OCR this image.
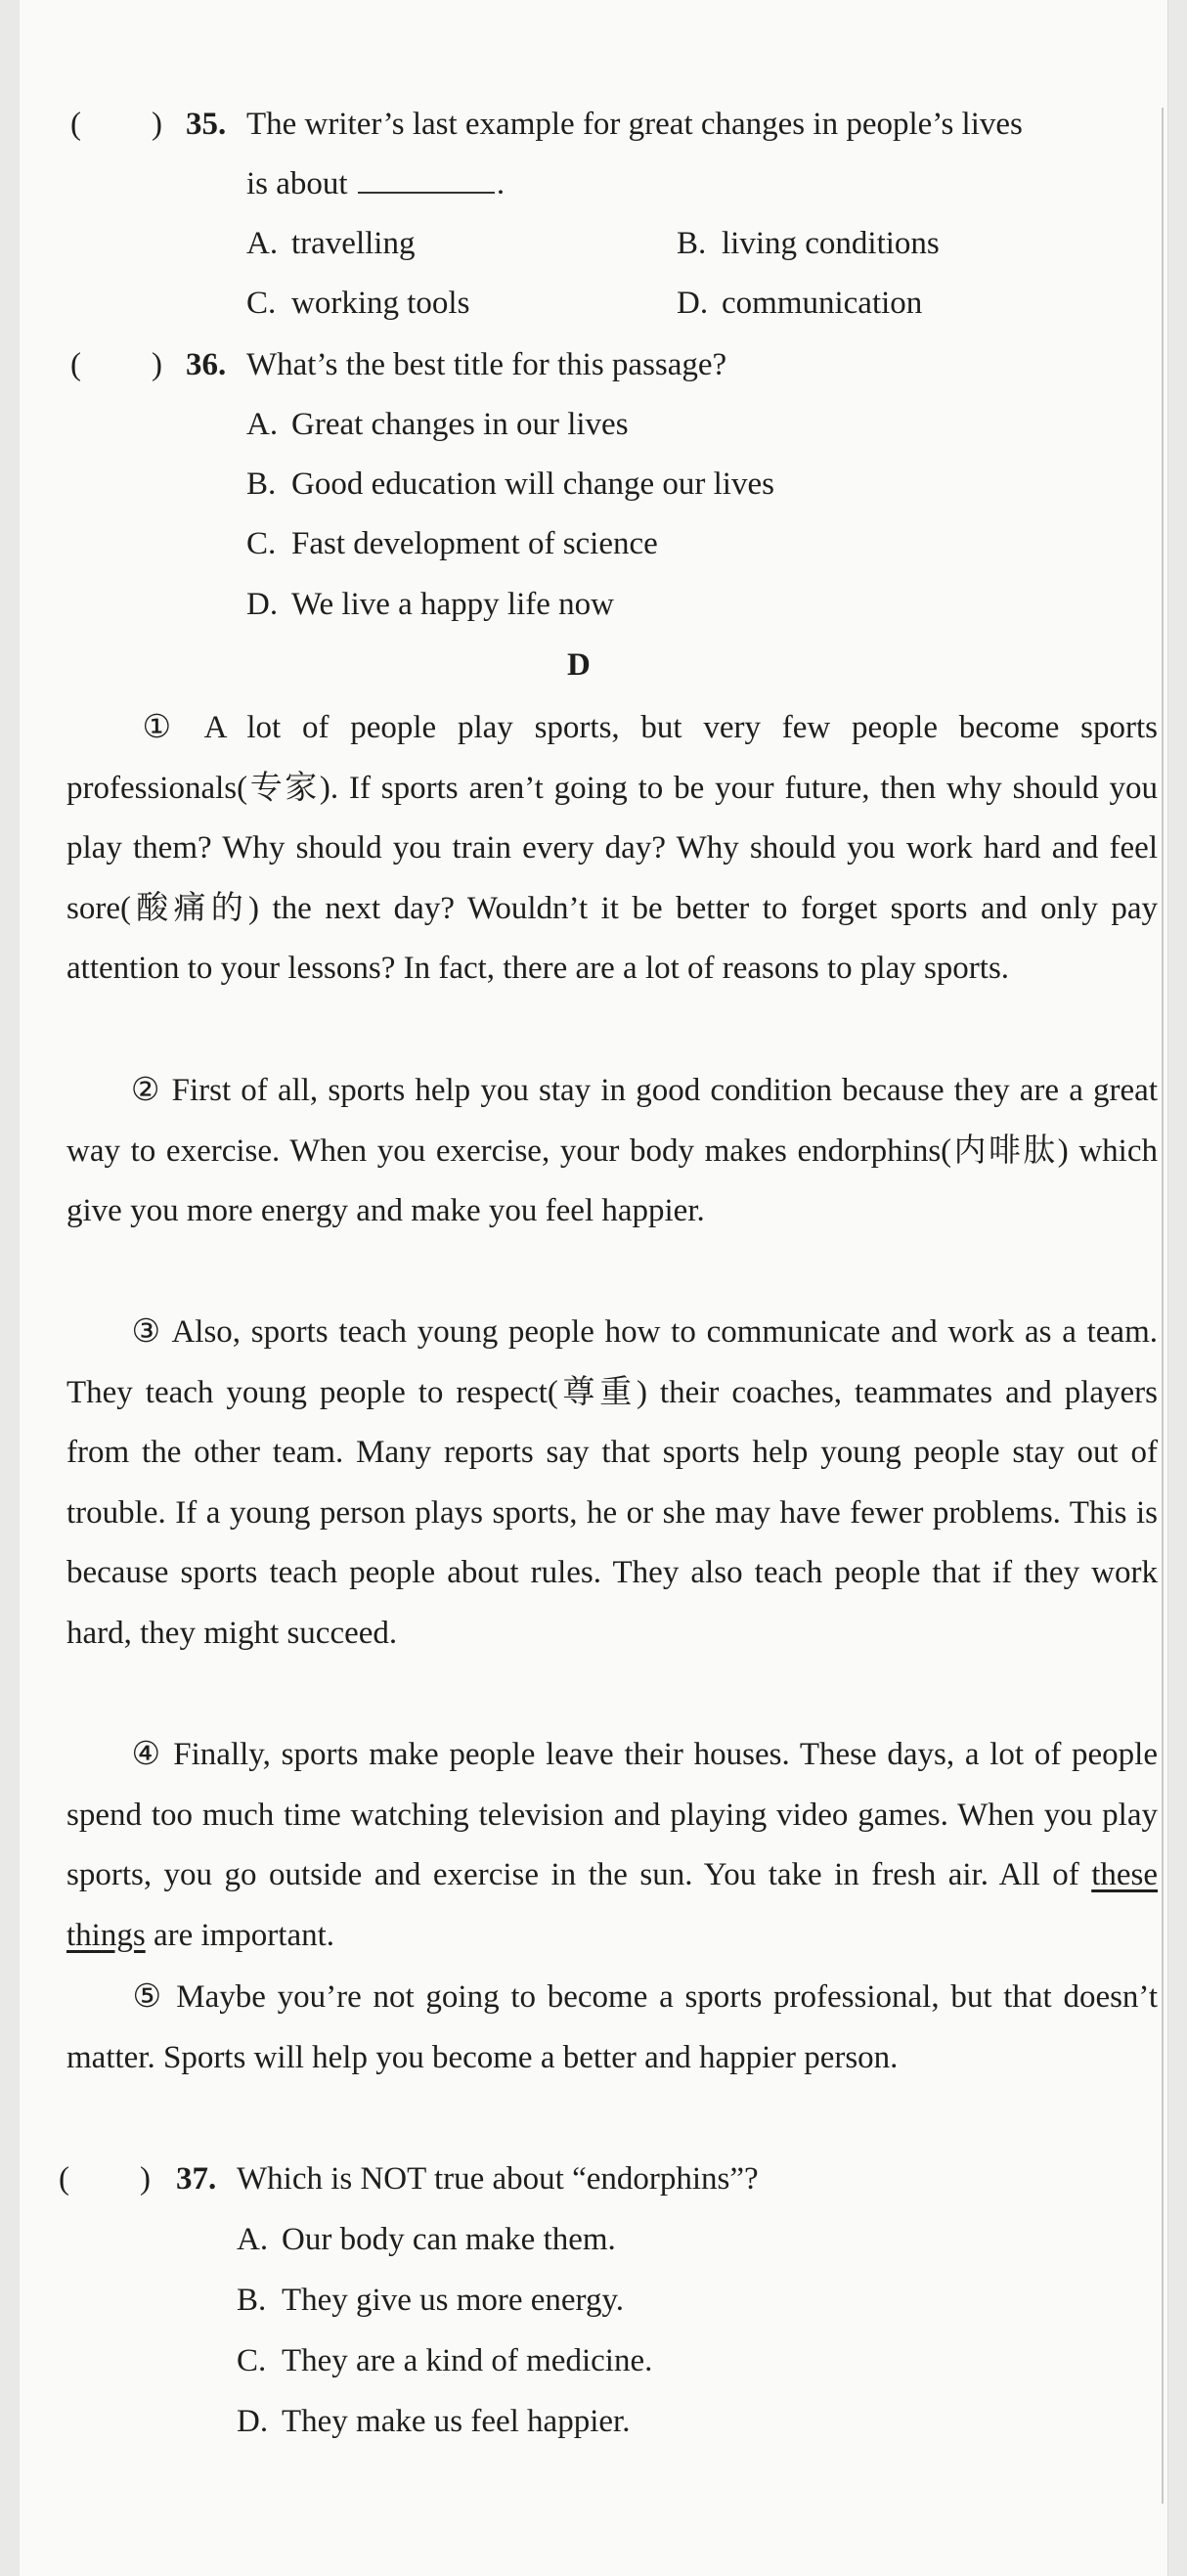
( ) 35. The writer’s last example for great changes in people’s lives
is about	.
A. travelling	B. living conditions
C. working tools	D. communication
( ) 36. What’s the best title for this passage?
A. Great changes in our lives
B. Good education will change our lives
C. Fast development of science
D. We live a happy life now
D
① A lot of people play sports, but very few people become sports professionals(专家). If sports aren’t going to be your future, then why should you play them? Why should you train every day? Why should you work hard and feel sore(酸痛的) the next day? Wouldn’t it be better to forget sports and only pay attention to your lessons? In fact, there are a lot of reasons to play sports.
② First of all, sports help you stay in good condition because they are a great way to exercise. When you exercise, your body makes endorphins(内啡肽) which give you more energy and make you feel happier.
③ Also, sports teach young people how to communicate and work as a team. They teach young people to respect(尊重) their coaches, teammates and players from the other team. Many reports say that sports help young people stay out of trouble. If a young person plays sports, he or she may have fewer problems. This is because sports teach people about rules. They also teach people that if they work hard, they might succeed.
④ Finally, sports make people leave their houses. These days, a lot of people spend too much time watching television and playing video games. When you play sports, you go outside and exercise in the sun. You take in fresh air. All of these things are important.
⑤ Maybe you’re not going to become a sports professional, but that doesn’t matter. Sports will help you become a better and happier person.
( ) 37. Which is NOT true about “endorphins”?
A. Our body can make them.
B. They give us more energy.
C. They are a kind of medicine.
D. They make us feel happier.
